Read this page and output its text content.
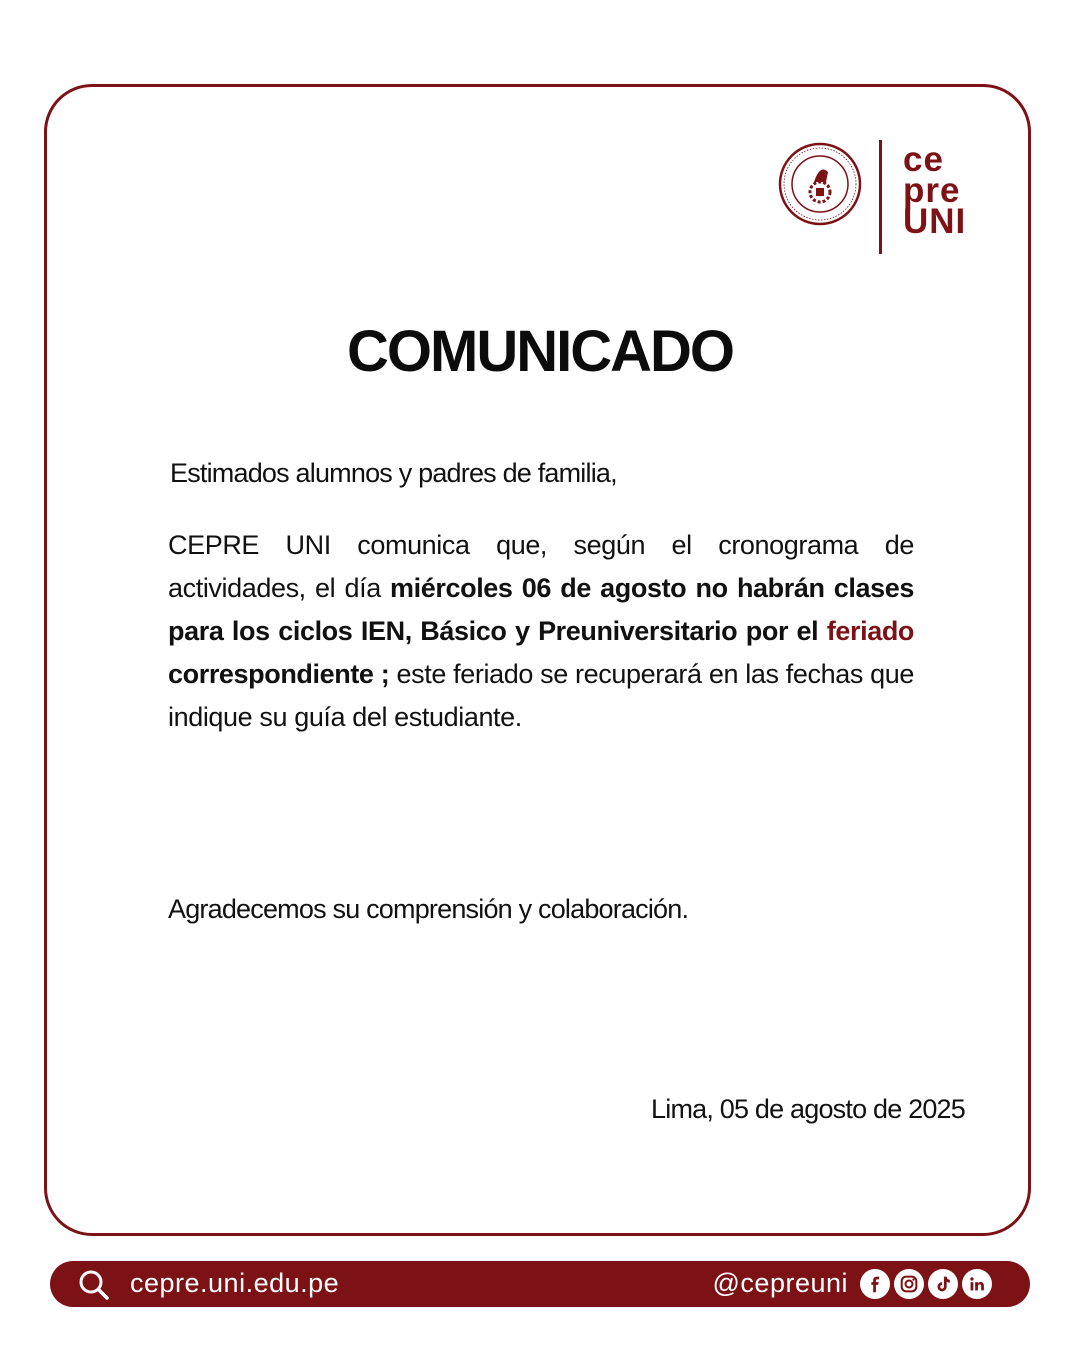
ce
pre
UNI
COMUNICADO
Estimados alumnos y padres de familia,
CEPRE UNI comunica que, según el cronograma de actividades, el día miércoles 06 de agosto no habrán clases para los ciclos IEN, Básico y Preuniversitario por el feriado correspondiente ; este feriado se recuperará en las fechas que indique su guía del estudiante.
Agradecemos su comprensión y colaboración.
Lima, 05 de agosto de 2025
cepre.uni.edu.pe	@cepreuni
